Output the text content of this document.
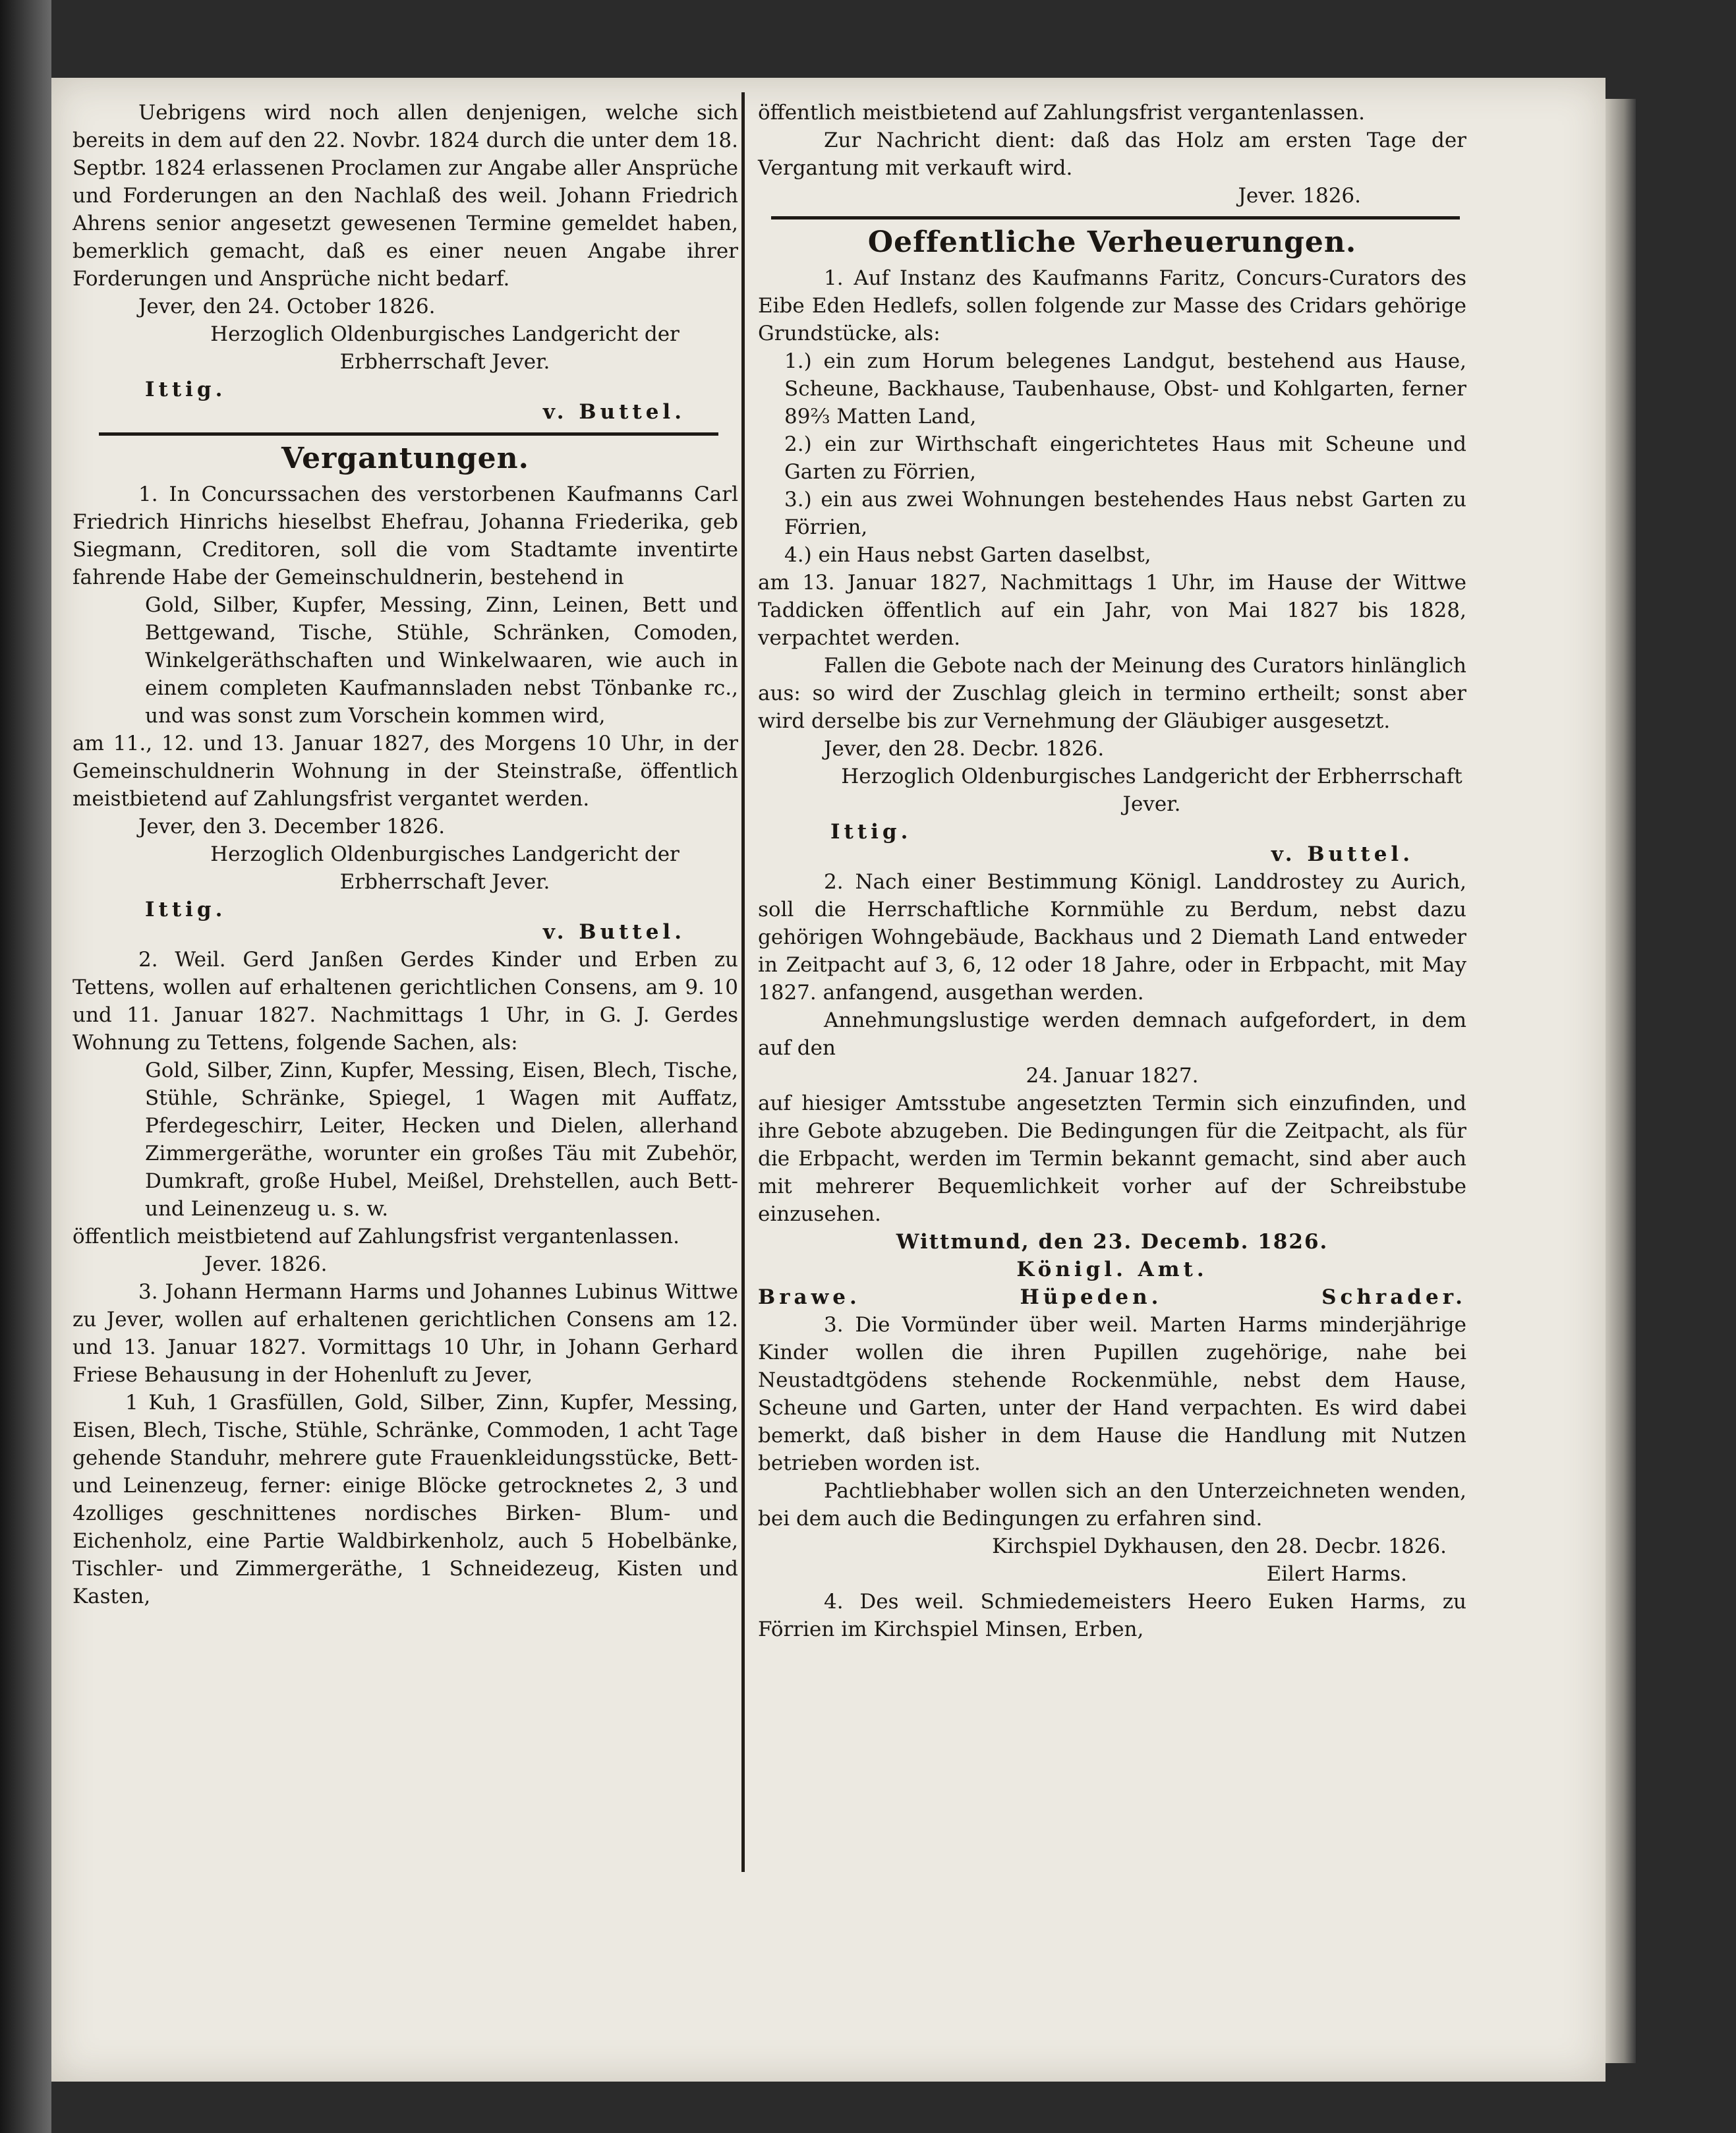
Uebrigens wird noch allen denjenigen, welche sich bereits in dem auf den 22. Novbr. 1824 durch die unter dem 18. Septbr. 1824 erlassenen Proclamen zur Angabe aller Ansprüche und Forderungen an den Nachlaß des weil. Johann Friedrich Ahrens senior angesetzt gewesenen Termine gemeldet haben, bemerklich gemacht, daß es einer neuen Angabe ihrer Forderungen und Ansprüche nicht bedarf.

Jever, den 24. October 1826.

Herzoglich Oldenburgisches Landgericht der Erbherrschaft Jever.

Ittig.
v. Buttel.
Vergantungen.

1. In Concurssachen des verstorbenen Kaufmanns Carl Friedrich Hinrichs hieselbst Ehefrau, Johanna Friederika, geb Siegmann, Creditoren, soll die vom Stadtamte inventirte fahrende Habe der Gemeinschuldnerin, bestehend in

Gold, Silber, Kupfer, Messing, Zinn, Leinen, Bett und Bettgewand, Tische, Stühle, Schränken, Comoden, Winkelgeräthschaften und Winkelwaaren, wie auch in einem completen Kaufmannsladen nebst Tönbanke rc., und was sonst zum Vorschein kommen wird,

am 11., 12. und 13. Januar 1827, des Morgens 10 Uhr, in der Gemeinschuldnerin Wohnung in der Steinstraße, öffentlich meistbietend auf Zahlungsfrist vergantet werden.

Jever, den 3. December 1826.

Herzoglich Oldenburgisches Landgericht der Erbherrschaft Jever.

Ittig.
v. Buttel.

2. Weil. Gerd Janßen Gerdes Kinder und Erben zu Tettens, wollen auf erhaltenen gerichtlichen Consens, am 9. 10 und 11. Januar 1827. Nachmittags 1 Uhr, in G. J. Gerdes Wohnung zu Tettens, folgende Sachen, als:

Gold, Silber, Zinn, Kupfer, Messing, Eisen, Blech, Tische, Stühle, Schränke, Spiegel, 1 Wagen mit Auffatz, Pferdegeschirr, Leiter, Hecken und Dielen, allerhand Zimmergeräthe, worunter ein großes Täu mit Zubehör, Dumkraft, große Hubel, Meißel, Drehstellen, auch Bett- und Leinenzeug u. s. w.

öffentlich meistbietend auf Zahlungsfrist vergantenlassen.

Jever. 1826.

3. Johann Hermann Harms und Johannes Lubinus Wittwe zu Jever, wollen auf erhaltenen gerichtlichen Consens am 12. und 13. Januar 1827. Vormittags 10 Uhr, in Johann Gerhard Friese Behausung in der Hohenluft zu Jever,

1 Kuh, 1 Grasfüllen, Gold, Silber, Zinn, Kupfer, Messing, Eisen, Blech, Tische, Stühle, Schränke, Commoden, 1 acht Tage gehende Standuhr, mehrere gute Frauenkleidungsstücke, Bett- und Leinenzeug, ferner: einige Blöcke getrocknetes 2, 3 und 4zolliges geschnittenes nordisches Birken- Blum- und Eichenholz, eine Partie Waldbirkenholz, auch 5 Hobelbänke, Tischler- und Zimmergeräthe, 1 Schneidezeug, Kisten und Kasten,

öffentlich meistbietend auf Zahlungsfrist vergantenlassen.

Zur Nachricht dient: daß das Holz am ersten Tage der Vergantung mit verkauft wird.

Jever. 1826.

Oeffentliche Verheuerungen.

1. Auf Instanz des Kaufmanns Faritz, Concurs-Curators des Eibe Eden Hedlefs, sollen folgende zur Masse des Cridars gehörige Grundstücke, als:

1.) ein zum Horum belegenes Landgut, bestehend aus Hause, Scheune, Backhause, Taubenhause, Obst- und Kohlgarten, ferner 89⅔ Matten Land,

2.) ein zur Wirthschaft eingerichtetes Haus mit Scheune und Garten zu Förrien,

3.) ein aus zwei Wohnungen bestehendes Haus nebst Garten zu Förrien,

4.) ein Haus nebst Garten daselbst,

am 13. Januar 1827, Nachmittags 1 Uhr, im Hause der Wittwe Taddicken öffentlich auf ein Jahr, von Mai 1827 bis 1828, verpachtet werden.

Fallen die Gebote nach der Meinung des Curators hinlänglich aus: so wird der Zuschlag gleich in termino ertheilt; sonst aber wird derselbe bis zur Vernehmung der Gläubiger ausgesetzt.

Jever, den 28. Decbr. 1826.

Herzoglich Oldenburgisches Landgericht der Erbherrschaft Jever.

Ittig.
v. Buttel.

2. Nach einer Bestimmung Königl. Landdrostey zu Aurich, soll die Herrschaftliche Kornmühle zu Berdum, nebst dazu gehörigen Wohngebäude, Backhaus und 2 Diemath Land entweder in Zeitpacht auf 3, 6, 12 oder 18 Jahre, oder in Erbpacht, mit May 1827. anfangend, ausgethan werden.

Annehmungslustige werden demnach aufgefordert, in dem auf den

24. Januar 1827.

auf hiesiger Amtsstube angesetzten Termin sich einzufinden, und ihre Gebote abzugeben. Die Bedingungen für die Zeitpacht, als für die Erbpacht, werden im Termin bekannt gemacht, sind aber auch mit mehrerer Bequemlichkeit vorher auf der Schreibstube einzusehen.

Wittmund, den 23. Decemb. 1826.

Königl. Amt.

Brawe.	Hüpeden.	Schrader.

3. Die Vormünder über weil. Marten Harms minderjährige Kinder wollen die ihren Pupillen zugehörige, nahe bei Neustadtgödens stehende Rockenmühle, nebst dem Hause, Scheune und Garten, unter der Hand verpachten. Es wird dabei bemerkt, daß bisher in dem Hause die Handlung mit Nutzen betrieben worden ist.

Pachtliebhaber wollen sich an den Unterzeichneten wenden, bei dem auch die Bedingungen zu erfahren sind.

Kirchspiel Dykhausen, den 28. Decbr. 1826.

Eilert Harms.

4. Des weil. Schmiedemeisters Heero Euken Harms, zu Förrien im Kirchspiel Minsen, Erben,
